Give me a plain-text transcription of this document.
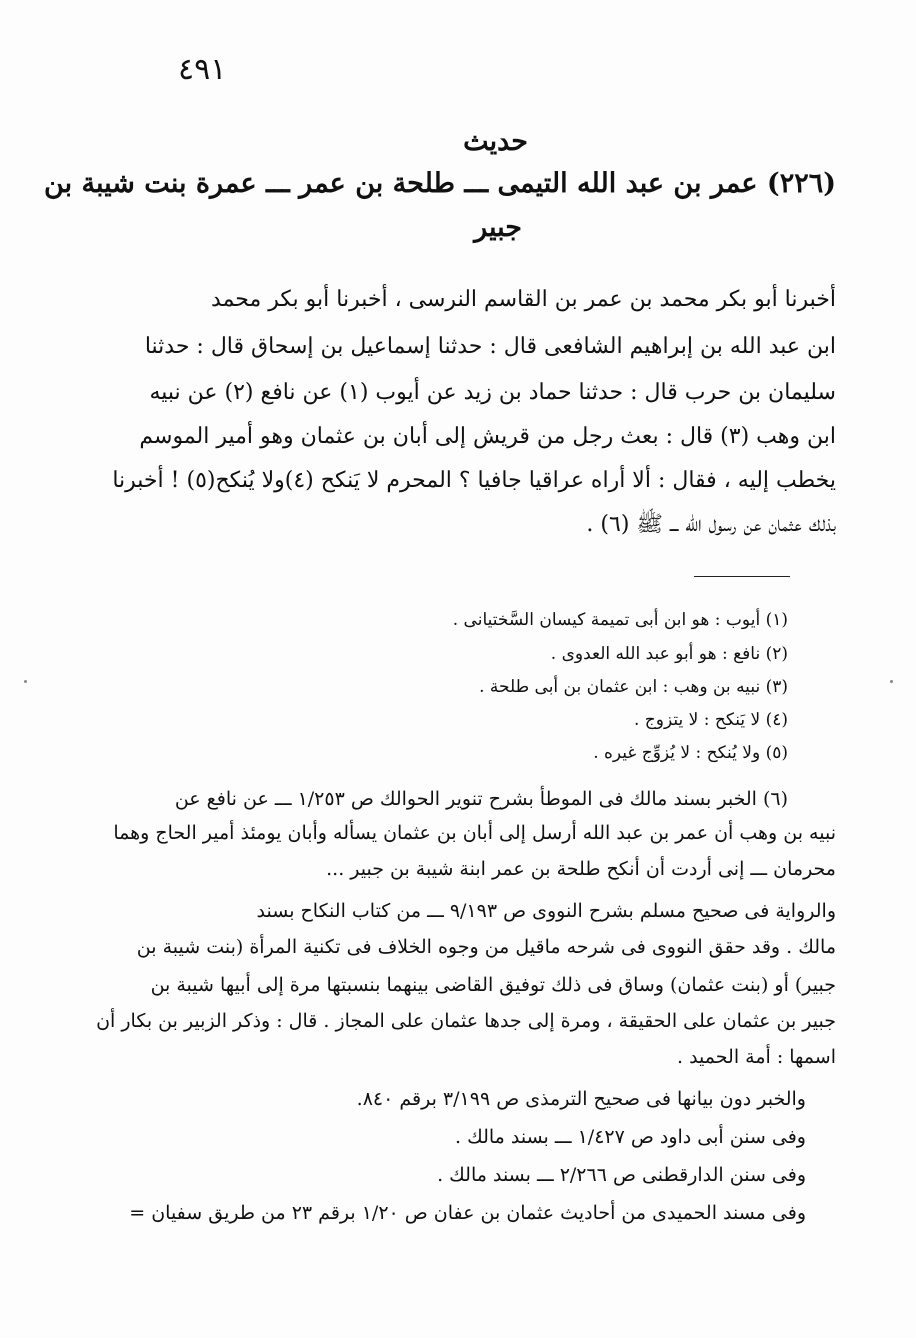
٤٩١
حديث
(٢٢٦) عمر بن عبد الله التيمى ـــ طلحة بن عمر ـــ عمرة بنت شيبة بن
جبير
أخبرنا أبو بكر محمد بن عمر بن القاسم النرسى ، أخبرنا أبو بكر محمد
ابن عبد الله بن إبراهيم الشافعى قال : حدثنا إسماعيل بن إسحاق قال : حدثنا
سليمان بن حرب قال : حدثنا حماد بن زيد عن أيوب (١) عن نافع (٢) عن نبيه
ابن وهب (٣) قال : بعث رجل من قريش إلى أبان بن عثمان وهو أمير الموسم
يخطب إليه ، فقال : ألا أراه عراقيا جافيا ؟ المحرم لا يَنكح (٤)ولا يُنكح(٥) ! أخبرنا
بذلك عثمان عن رسول الله ـــ ﷺ (٦) .
(١) أيوب : هو ابن أبى تميمة كيسان السَّختيانى .
(٢) نافع : هو أبو عبد الله العدوى .
(٣) نبيه بن وهب : ابن عثمان بن أبى طلحة .
(٤) لا يَنكح : لا يتزوج .
(٥) ولا يُنكح : لا يُزوِّج غيره .
(٦) الخبر بسند مالك فى الموطأ بشرح تنوير الحوالك ص ١/٢٥٣ ـــ عن نافع عن
نبيه بن وهب أن عمر بن عبد الله أرسل إلى أبان بن عثمان يسأله وأبان يومئذ أمير الحاج وهما
محرمان ـــ إنى أردت أن أنكح طلحة بن عمر ابنة شيبة بن جبير ...
والرواية فى صحيح مسلم بشرح النووى ص ٩/١٩٣ ـــ من كتاب النكاح بسند
مالك . وقد حقق النووى فى شرحه ماقيل من وجوه الخلاف فى تكنية المرأة (بنت شيبة بن
جبير) أو (بنت عثمان) وساق فى ذلك توفيق القاضى بينهما بنسبتها مرة إلى أبيها شيبة بن
جبير بن عثمان على الحقيقة ، ومرة إلى جدها عثمان على المجاز . قال : وذكر الزبير بن بكار أن
اسمها : أمة الحميد .
والخبر دون بيانها فى صحيح الترمذى ص ٣/١٩٩ برقم ٨٤٠.
وفى سنن أبى داود ص ١/٤٢٧ ـــ بسند مالك .
وفى سنن الدارقطنى ص ٢/٢٦٦ ـــ بسند مالك .
وفى مسند الحميدى من أحاديث عثمان بن عفان ص ١/٢٠ برقم ٢٣ من طريق سفيان =
